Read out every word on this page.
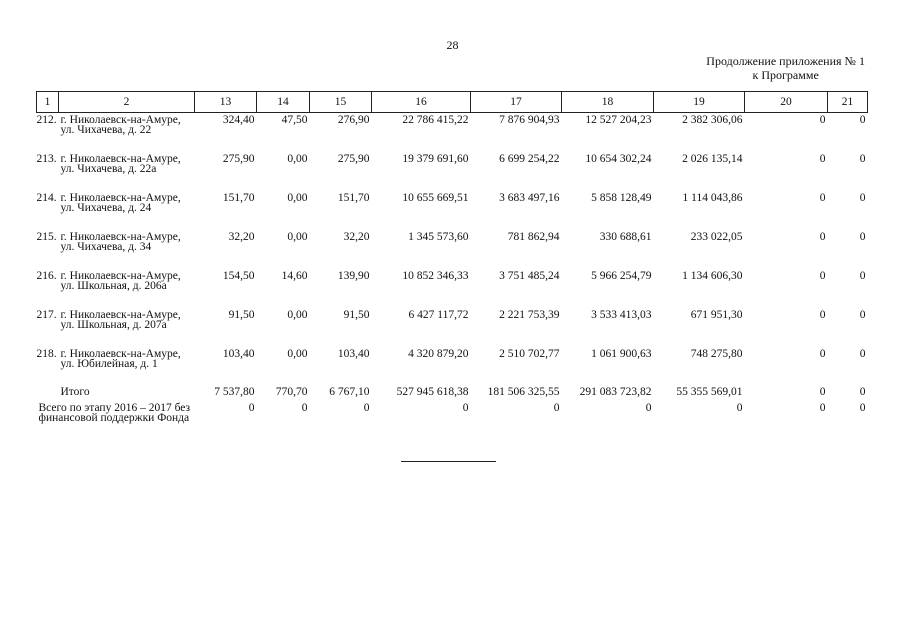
28
Продолжение приложения № 1
к Программе
1	2	13	14	15	16	17	18	19	20	21
212.	г. Николаевск-на-Амуре, ул. Чихачева, д. 22	324,40	47,50	276,90	22 786 415,22	7 876 904,93	12 527 204,23	2 382 306,06	0	0
213.	г. Николаевск-на-Амуре, ул. Чихачева, д. 22а	275,90	0,00	275,90	19 379 691,60	6 699 254,22	10 654 302,24	2 026 135,14	0	0
214.	г. Николаевск-на-Амуре, ул. Чихачева, д. 24	151,70	0,00	151,70	10 655 669,51	3 683 497,16	5 858 128,49	1 114 043,86	0	0
215.	г. Николаевск-на-Амуре, ул. Чихачева, д. 34	32,20	0,00	32,20	1 345 573,60	781 862,94	330 688,61	233 022,05	0	0
216.	г. Николаевск-на-Амуре, ул. Школьная, д. 206а	154,50	14,60	139,90	10 852 346,33	3 751 485,24	5 966 254,79	1 134 606,30	0	0
217.	г. Николаевск-на-Амуре, ул. Школьная, д. 207а	91,50	0,00	91,50	6 427 117,72	2 221 753,39	3 533 413,03	671 951,30	0	0
218.	г. Николаевск-на-Амуре, ул. Юбилейная, д. 1	103,40	0,00	103,40	4 320 879,20	2 510 702,77	1 061 900,63	748 275,80	0	0
	Итого	7 537,80	770,70	6 767,10	527 945 618,38	181 506 325,55	291 083 723,82	55 355 569,01	0	0

Всего по этапу 2016 – 2017 без финансовой поддержки Фонда		0	0	0	0	0	0	0	0	0
